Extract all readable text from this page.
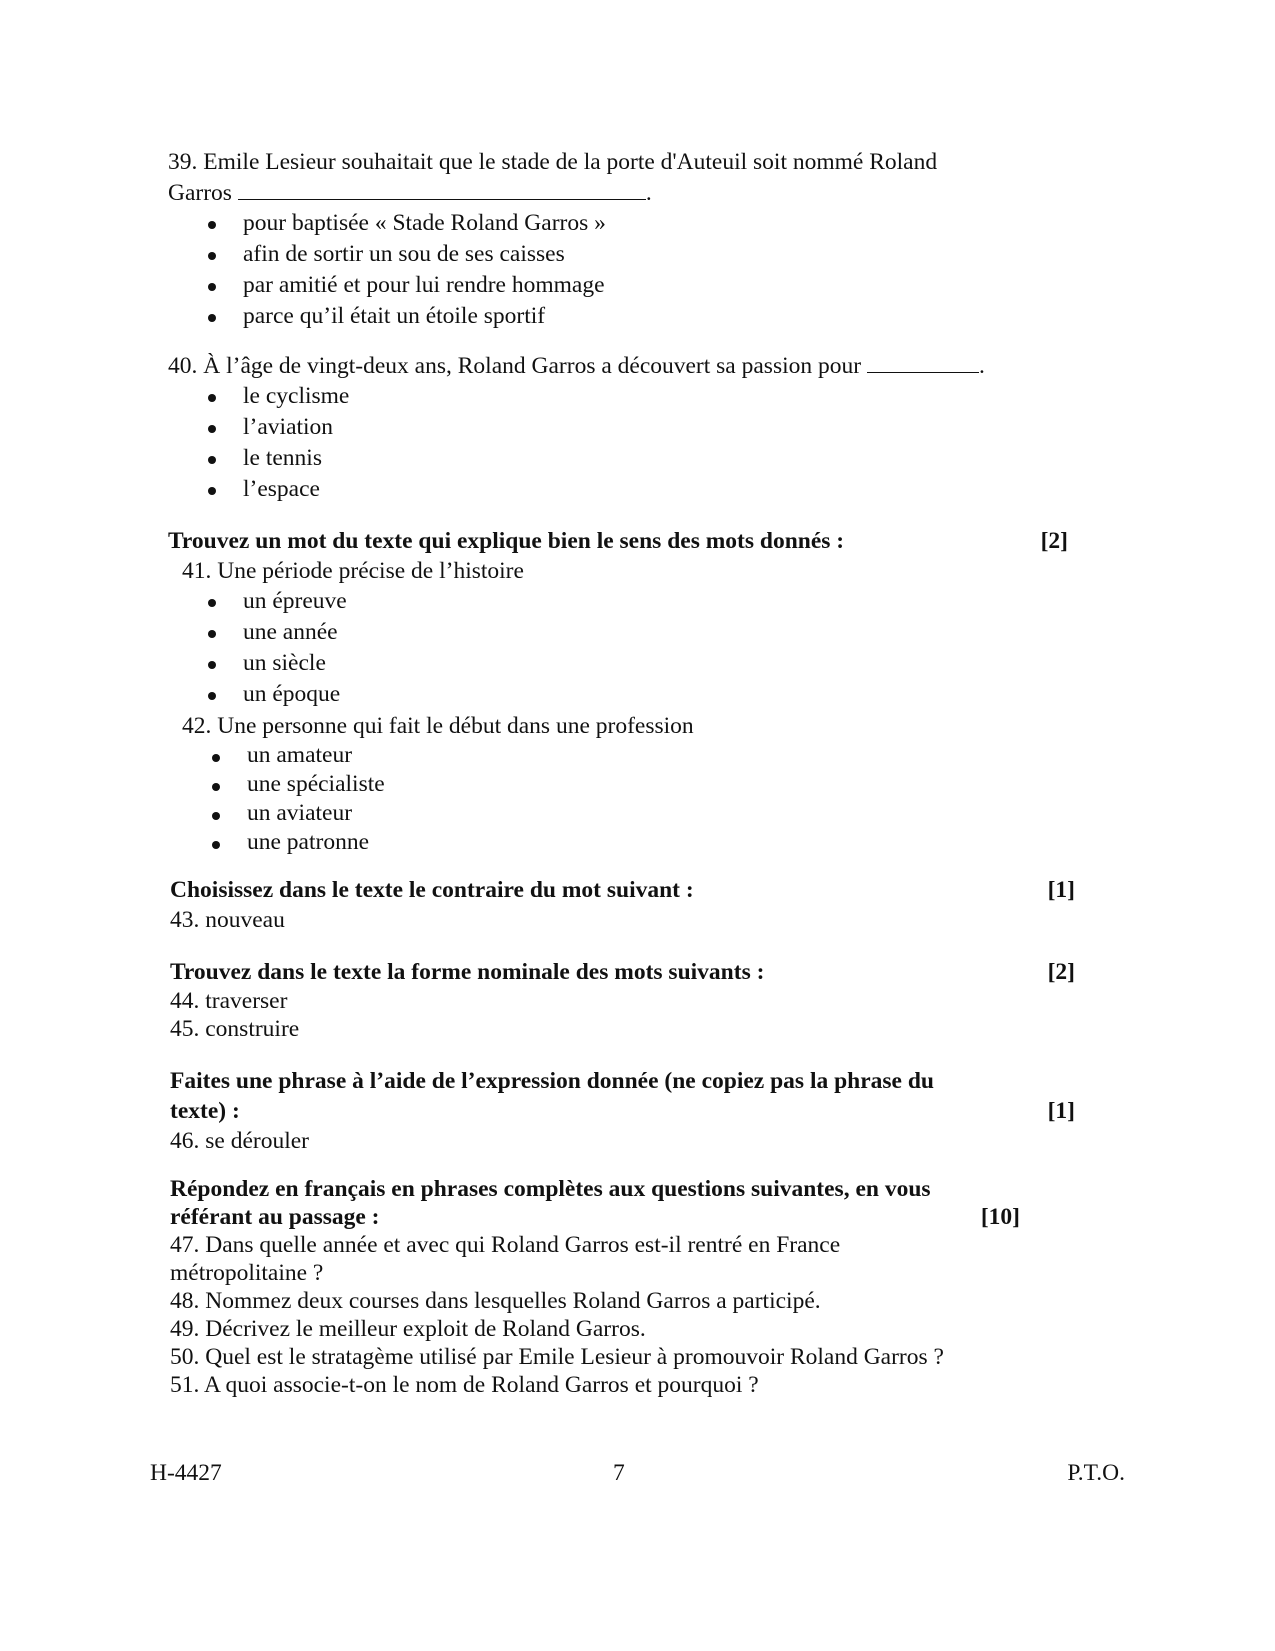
39. Emile Lesieur souhaitait que le stade de la porte d'Auteuil soit nommé Roland

Garros	.

pour baptisée « Stade Roland Garros »
afin de sortir un sou de ses caisses
par amitié et pour lui rendre hommage
parce qu’il était un étoile sportif

40. À l’âge de vingt-deux ans, Roland Garros a découvert sa passion pour	.

le cyclisme
l’aviation
le tennis
l’espace
Trouvez un mot du texte qui explique bien le sens des mots donnés :	[2]

41. Une période précise de l’histoire

un épreuve
une année
un siècle
un époque

42. Une personne qui fait le début dans une profession

un amateur
une spécialiste
un aviateur
une patronne
Choisissez dans le texte le contraire du mot suivant :	[1]

43. nouveau

Trouvez dans le texte la forme nominale des mots suivants :	[2]

44. traverser

45. construire

Faites une phrase à l’aide de l’expression donnée (ne copiez pas la phrase du
texte) :	[1]

46. se dérouler

Répondez en français en phrases complètes aux questions suivantes, en vous
référant au passage :	[10]

47. Dans quelle année et avec qui Roland Garros est-il rentré en France

métropolitaine ?

48. Nommez deux courses dans lesquelles Roland Garros a participé.

49. Décrivez le meilleur exploit de Roland Garros.

50. Quel est le stratagème utilisé par Emile Lesieur à promouvoir Roland Garros ?

51. A quoi associe-t-on le nom de Roland Garros et pourquoi ?

H-4427	7	P.T.O.
